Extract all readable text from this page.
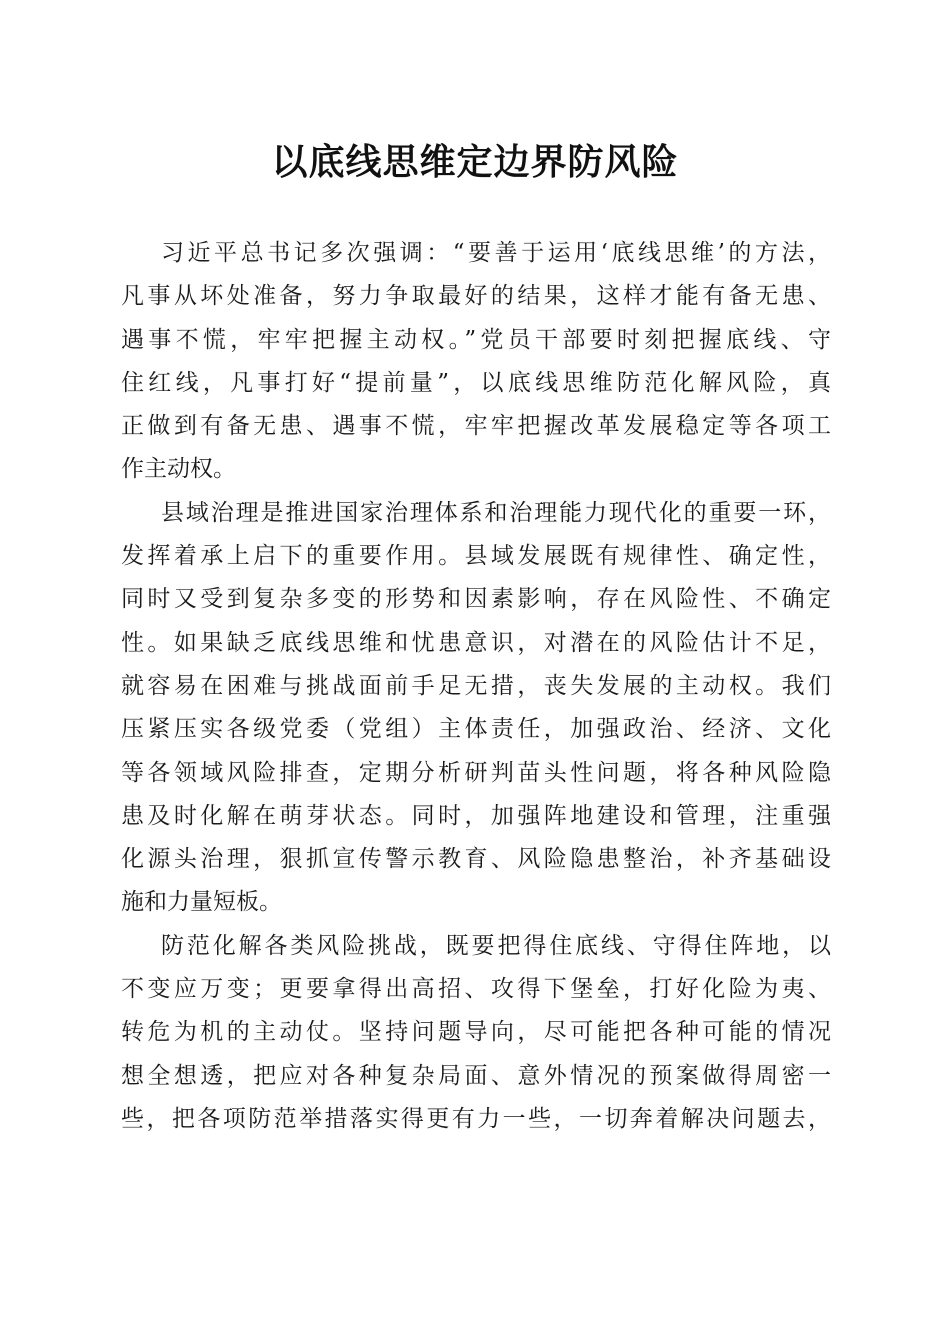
以底线思维定边界防风险
习近平总书记多次强调：“要善于运用‘底线思维’的方法，
凡事从坏处准备，努力争取最好的结果，这样才能有备无患、
遇事不慌，牢牢把握主动权。”党员干部要时刻把握底线、守
住红线，凡事打好“提前量”，以底线思维防范化解风险，真
正做到有备无患、遇事不慌，牢牢把握改革发展稳定等各项工
作主动权。
县域治理是推进国家治理体系和治理能力现代化的重要一环，
发挥着承上启下的重要作用。县域发展既有规律性、确定性，
同时又受到复杂多变的形势和因素影响，存在风险性、不确定
性。如果缺乏底线思维和忧患意识，对潜在的风险估计不足，
就容易在困难与挑战面前手足无措，丧失发展的主动权。我们
压紧压实各级党委（党组）主体责任，加强政治、经济、文化
等各领域风险排查，定期分析研判苗头性问题，将各种风险隐
患及时化解在萌芽状态。同时，加强阵地建设和管理，注重强
化源头治理，狠抓宣传警示教育、风险隐患整治，补齐基础设
施和力量短板。
防范化解各类风险挑战，既要把得住底线、守得住阵地，以
不变应万变；更要拿得出高招、攻得下堡垒，打好化险为夷、
转危为机的主动仗。坚持问题导向，尽可能把各种可能的情况
想全想透，把应对各种复杂局面、意外情况的预案做得周密一
些，把各项防范举措落实得更有力一些，一切奔着解决问题去，
